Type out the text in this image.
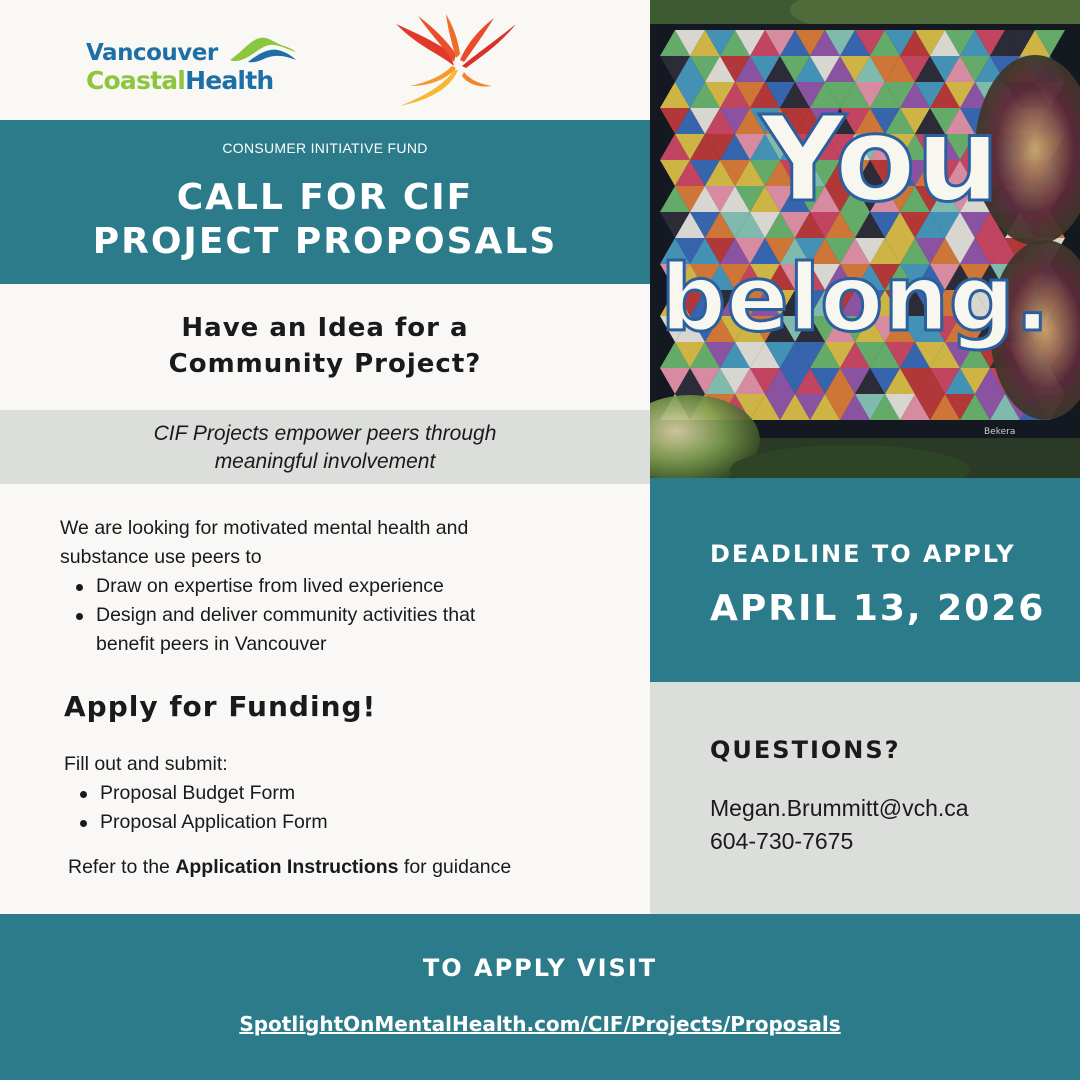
Vancouver
CoastalHealth
CONSUMER INITIATIVE FUND
CALL FOR CIF
PROJECT PROPOSALS
Have an Idea for a
Community Project?
CIF Projects empower peers through
meaningful involvement
We are looking for motivated mental health and
substance use peers to
Draw on expertise from lived experience
Design and deliver community activities that
benefit peers in Vancouver
Apply for Funding!
Fill out and submit:
Proposal Budget Form
Proposal Application Form
Refer to the Application Instructions for guidance
You
belong.
Bekera
DEADLINE TO APPLY
APRIL 13, 2026
QUESTIONS?
Megan.Brummitt@vch.ca
604-730-7675
TO APPLY VISIT
SpotlightOnMentalHealth.com/CIF/Projects/Proposals
